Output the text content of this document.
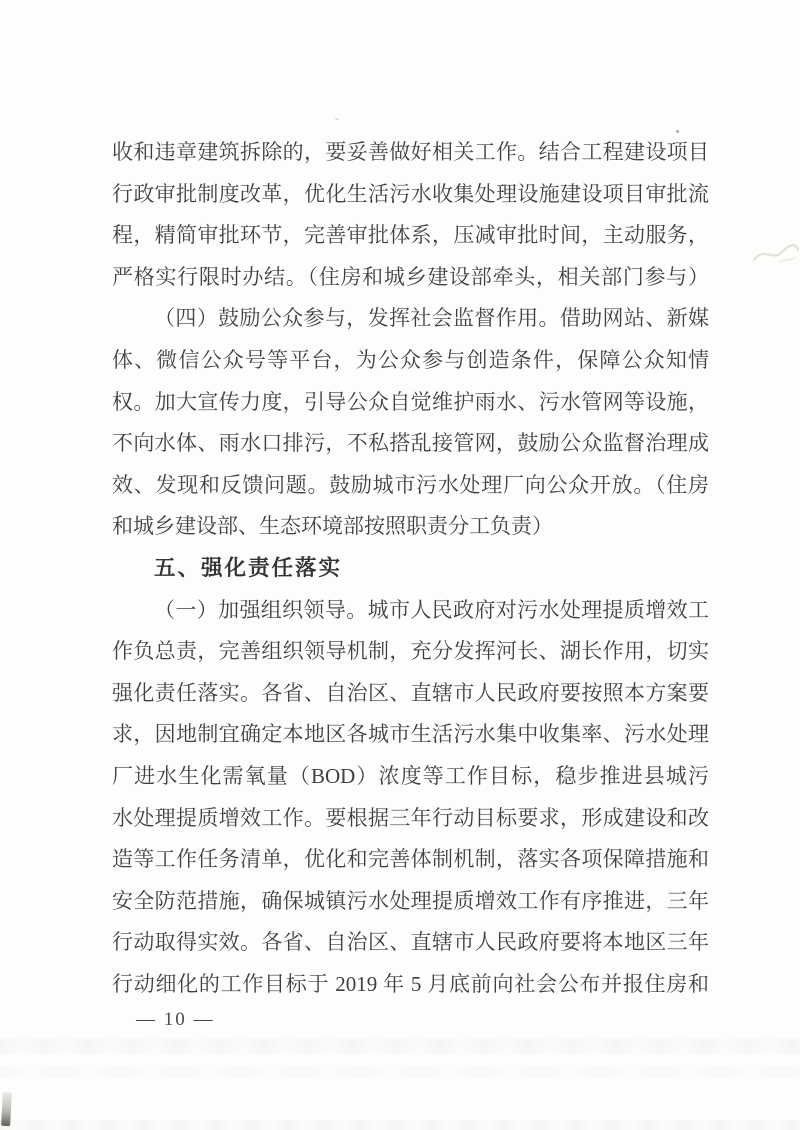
收和违章建筑拆除的，要妥善做好相关工作。结合工程建设项目
行政审批制度改革，优化生活污水收集处理设施建设项目审批流
程，精简审批环节，完善审批体系，压减审批时间，主动服务，
严格实行限时办结。（住房和城乡建设部牵头，相关部门参与）
（四）鼓励公众参与，发挥社会监督作用。借助网站、新媒
体、微信公众号等平台，为公众参与创造条件，保障公众知情
权。加大宣传力度，引导公众自觉维护雨水、污水管网等设施，
不向水体、雨水口排污，不私搭乱接管网，鼓励公众监督治理成
效、发现和反馈问题。鼓励城市污水处理厂向公众开放。（住房
和城乡建设部、生态环境部按照职责分工负责）
五、强化责任落实
（一）加强组织领导。城市人民政府对污水处理提质增效工
作负总责，完善组织领导机制，充分发挥河长、湖长作用，切实
强化责任落实。各省、自治区、直辖市人民政府要按照本方案要
求，因地制宜确定本地区各城市生活污水集中收集率、污水处理
厂进水生化需氧量（BOD）浓度等工作目标，稳步推进县城污
水处理提质增效工作。要根据三年行动目标要求，形成建设和改
造等工作任务清单，优化和完善体制机制，落实各项保障措施和
安全防范措施，确保城镇污水处理提质增效工作有序推进，三年
行动取得实效。各省、自治区、直辖市人民政府要将本地区三年
行动细化的工作目标于 2019 年 5 月底前向社会公布并报住房和
— 10 —
